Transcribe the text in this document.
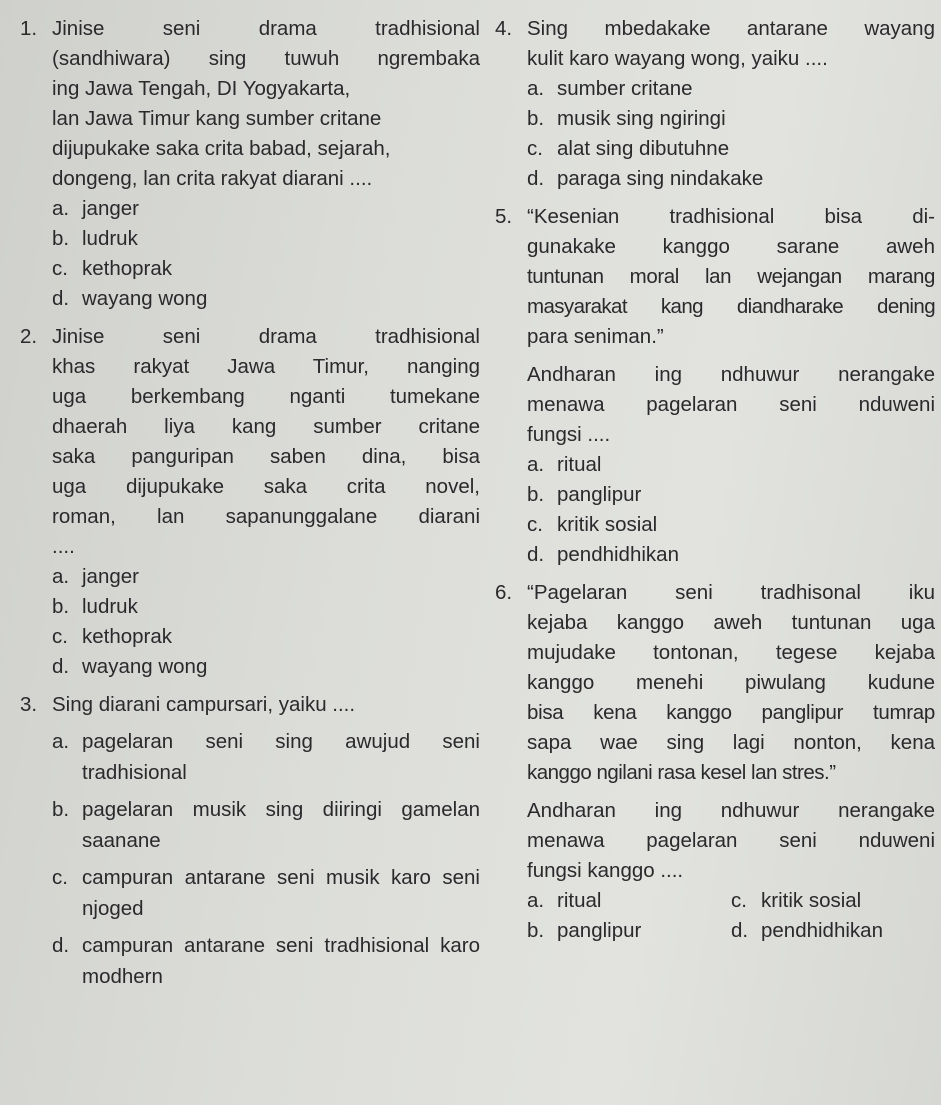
1. Jinise seni drama tradhisional
(sandhiwara) sing tuwuh ngrembaka
ing Jawa Tengah, DI Yogyakarta,
lan Jawa Timur kang sumber critane
dijupukake saka crita babad, sejarah,
dongeng, lan crita rakyat diarani ....
a. janger
b. ludruk
c. kethoprak
d. wayang wong
2. Jinise seni drama tradhisional
khas rakyat Jawa Timur, nanging
uga berkembang nganti tumekane
dhaerah liya kang sumber critane
saka panguripan saben dina, bisa
uga dijupukake saka crita novel,
roman, lan sapanunggalane diarani
....
a. janger
b. ludruk
c. kethoprak
d. wayang wong
3. Sing diarani campursari, yaiku ....
a. pagelaran seni sing awujud seni tradhisional
b. pagelaran musik sing diiringi gamelan saanane
c. campuran antarane seni musik karo seni njoged
d. campuran antarane seni tradhisional karo modhern
4. Sing mbedakake antarane wayang
kulit karo wayang wong, yaiku ....
a. sumber critane
b. musik sing ngiringi
c. alat sing dibutuhne
d. paraga sing nindakake
5. “Kesenian tradhisional bisa di-
gunakake kanggo sarane aweh
tuntunan moral lan wejangan marang
masyarakat kang diandharake dening
para seniman.”
Andharan ing ndhuwur nerangake
menawa pagelaran seni nduweni
fungsi ....
a. ritual
b. panglipur
c. kritik sosial
d. pendhidhikan
6. “Pagelaran seni tradhisonal iku
kejaba kanggo aweh tuntunan uga
mujudake tontonan, tegese kejaba
kanggo menehi piwulang kudune
bisa kena kanggo panglipur tumrap
sapa wae sing lagi nonton, kena
kanggo ngilani rasa kesel lan stres.”
Andharan ing ndhuwur nerangake
menawa pagelaran seni nduweni
fungsi kanggo ....
a. ritual	c. kritik sosial
b. panglipur	d. pendhidhikan
